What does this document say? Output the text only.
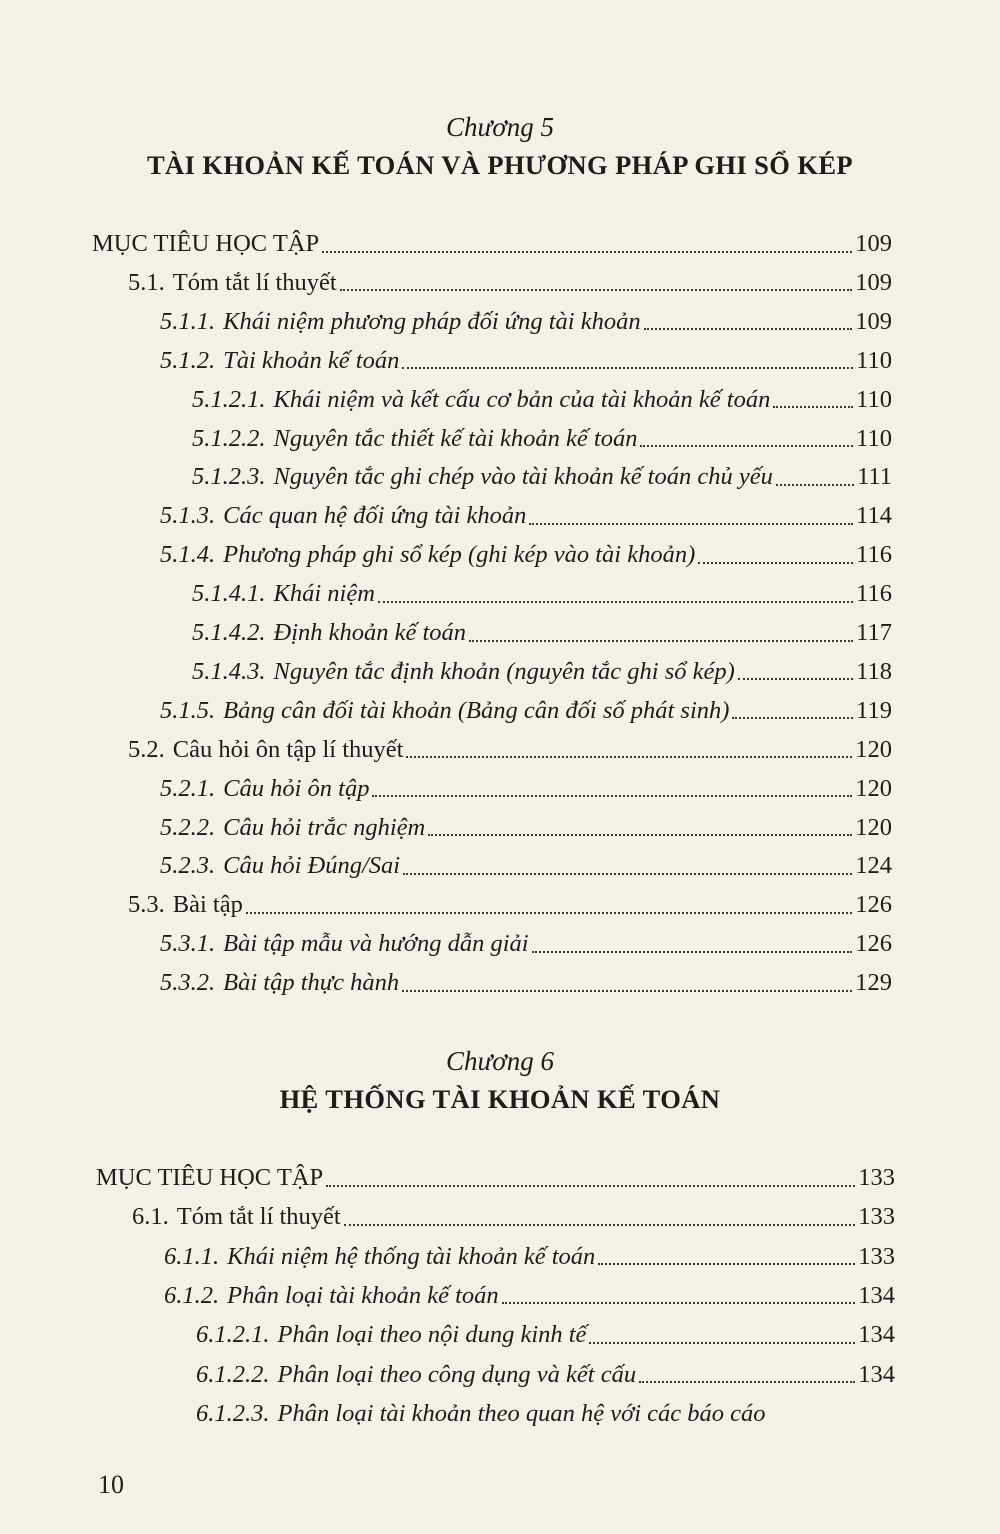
Chương 5
TÀI KHOẢN KẾ TOÁN VÀ PHƯƠNG PHÁP GHI SỔ KÉP
MỤC TIÊU HỌC TẬP	109
5.1. Tóm tắt lí thuyết	109
5.1.1. Khái niệm phương pháp đối ứng tài khoản	109
5.1.2. Tài khoản kế toán	110
5.1.2.1. Khái niệm và kết cấu cơ bản của tài khoản kế toán	110
5.1.2.2. Nguyên tắc thiết kế tài khoản kế toán	110
5.1.2.3. Nguyên tắc ghi chép vào tài khoản kế toán chủ yếu	111
5.1.3. Các quan hệ đối ứng tài khoản	114
5.1.4. Phương pháp ghi sổ kép (ghi kép vào tài khoản)	116
5.1.4.1. Khái niệm	116
5.1.4.2. Định khoản kế toán	117
5.1.4.3. Nguyên tắc định khoản (nguyên tắc ghi sổ kép)	118
5.1.5. Bảng cân đối tài khoản (Bảng cân đối số phát sinh)	119
5.2. Câu hỏi ôn tập lí thuyết	120
5.2.1. Câu hỏi ôn tập	120
5.2.2. Câu hỏi trắc nghiệm	120
5.2.3. Câu hỏi Đúng/Sai	124
5.3. Bài tập	126
5.3.1. Bài tập mẫu và hướng dẫn giải	126
5.3.2. Bài tập thực hành	129
Chương 6
HỆ THỐNG TÀI KHOẢN KẾ TOÁN
MỤC TIÊU HỌC TẬP	133
6.1. Tóm tắt lí thuyết	133
6.1.1. Khái niệm hệ thống tài khoản kế toán	133
6.1.2. Phân loại tài khoản kế toán	134
6.1.2.1. Phân loại theo nội dung kinh tế	134
6.1.2.2. Phân loại theo công dụng và kết cấu	134
6.1.2.3. Phân loại tài khoản theo quan hệ với các báo cáo
10
